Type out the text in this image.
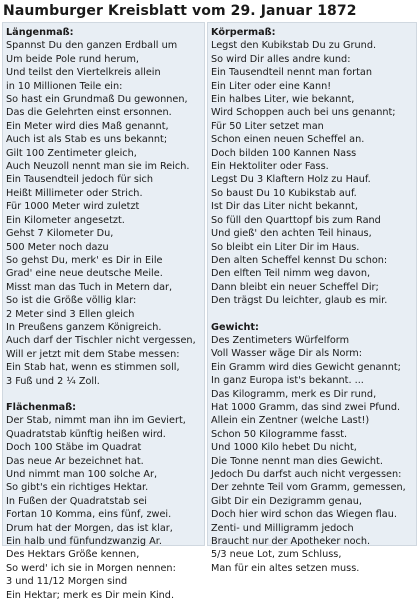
Naumburger Kreisblatt vom 29. Januar 1872
Längenmaß:
Spannst Du den ganzen Erdball um
Um beide Pole rund herum,
Und teilst den Viertelkreis allein
in 10 Millionen Teile ein:
So hast ein Grundmaß Du gewonnen,
Das die Gelehrten einst ersonnen.
Ein Meter wird dies Maß genannt,
Auch ist als Stab es uns bekannt;
Gilt 100 Zentimeter gleich,
Auch Neuzoll nennt man sie im Reich.
Ein Tausendteil jedoch für sich
Heißt Millimeter oder Strich.
Für 1000 Meter wird zuletzt
Ein Kilometer angesetzt.
Gehst 7 Kilometer Du,
500 Meter noch dazu
So gehst Du, merk' es Dir in Eile
Grad' eine neue deutsche Meile.
Misst man das Tuch in Metern dar,
So ist die Größe völlig klar:
2 Meter sind 3 Ellen gleich
In Preußens ganzem Königreich.
Auch darf der Tischler nicht vergessen,
Will er jetzt mit dem Stabe messen:
Ein Stab hat, wenn es stimmen soll,
3 Fuß und 2 ¼ Zoll.
Flächenmaß:
Der Stab, nimmt man ihn im Geviert,
Quadratstab künftig heißen wird.
Doch 100 Stäbe im Quadrat
Das neue Ar bezeichnet hat.
Und nimmt man 100 solche Ar,
So gibt's ein richtiges Hektar.
In Fußen der Quadratstab sei
Fortan 10 Komma, eins fünf, zwei.
Drum hat der Morgen, das ist klar,
Ein halb und fünfundzwanzig Ar.
Des Hektars Größe kennen,
So werd' ich sie in Morgen nennen:
3 und 11/12 Morgen sind
Ein Hektar; merk es Dir mein Kind.
Körpermaß:
Legst den Kubikstab Du zu Grund.
So wird Dir alles andre kund:
Ein Tausendteil nennt man fortan
Ein Liter oder eine Kann!
Ein halbes Liter, wie bekannt,
Wird Schoppen auch bei uns genannt;
Für 50 Liter setzet man
Schon einen neuen Scheffel an.
Doch bilden 100 Kannen Nass
Ein Hektoliter oder Fass.
Legst Du 3 Klaftern Holz zu Hauf.
So baust Du 10 Kubikstab auf.
Ist Dir das Liter nicht bekannt,
So füll den Quarttopf bis zum Rand
Und gieß' den achten Teil hinaus,
So bleibt ein Liter Dir im Haus.
Den alten Scheffel kennst Du schon:
Den elften Teil nimm weg davon,
Dann bleibt ein neuer Scheffel Dir;
Den trägst Du leichter, glaub es mir.
Gewicht:
Des Zentimeters Würfelform
Voll Wasser wäge Dir als Norm:
Ein Gramm wird dies Gewicht genannt;
In ganz Europa ist's bekannt. ...
Das Kilogramm, merk es Dir rund,
Hat 1000 Gramm, das sind zwei Pfund.
Allein ein Zentner (welche Last!)
Schon 50 Kilogramme fasst.
Und 1000 Kilo hebet Du nicht,
Die Tonne nennt man dies Gewicht.
Jedoch Du darfst auch nicht vergessen:
Der zehnte Teil vom Gramm, gemessen,
Gibt Dir ein Dezigramm genau,
Doch hier wird schon das Wiegen flau.
Zenti- und Milligramm jedoch
Braucht nur der Apotheker noch.
5/3 neue Lot, zum Schluss,
Man für ein altes setzen muss.
